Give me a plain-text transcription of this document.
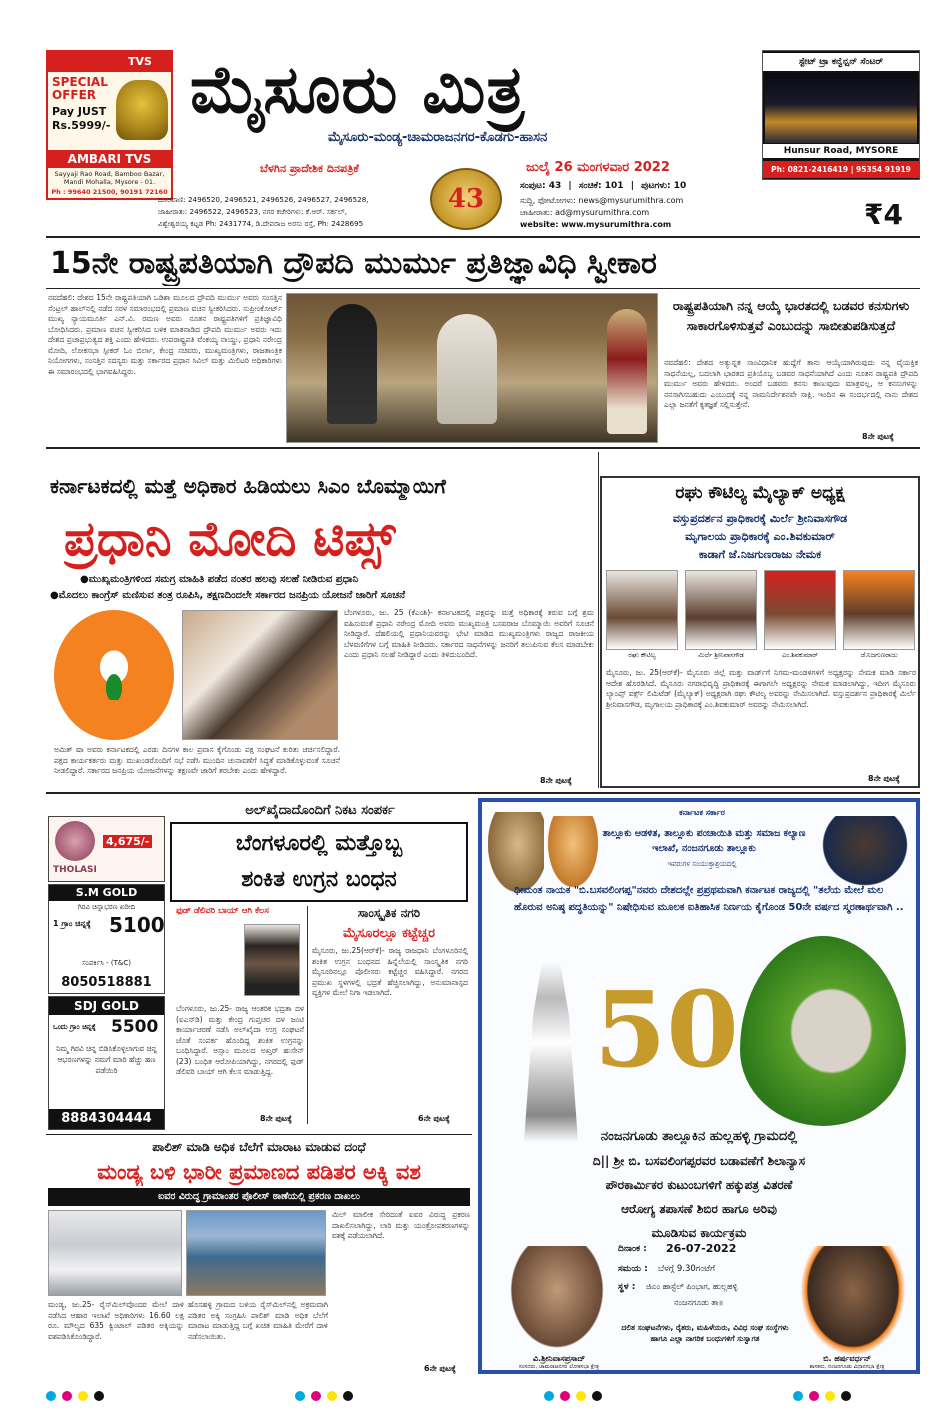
TVS
SPECIAL OFFER
Pay JUST
Rs.5999/-
AMBARI TVS
Sayyaji Rao Road, Bamboo Bazar, Mandi Mohalla, Mysore - 01.
Ph : 99640 21500, 90191 72160
ಮೈಸೂರು ಮಿತ್ರ
ಮೈಸೂರು-ಮಂಡ್ಯ-ಚಾಮರಾಜನಗರ-ಕೊಡಗು-ಹಾಸನ
ಬೆಳಗಿನ ಪ್ರಾದೇಶಿಕ ದಿನಪತ್ರಿಕೆ	ಜುಲೈ 26 ಮಂಗಳವಾರ 2022
43	ಸಂಪುಟ: 43 | ಸಂಚಿಕೆ: 101 | ಪುಟಗಳು: 10
ಸುದ್ದಿ, ಫೋಟೋಗಳು: news@mysurumithra.com
ಜಾಹೀರಾತು: ad@mysurumithra.com
website: www.mysurumithra.com
ದೂರವಾಣಿ: 2496520, 2496521, 2496526, 2496527, 2496528,
ಜಾಹೀರಾತು: 2496522, 2496523, ನಗರ ಕಚೇರಿಗಳು: ಕೆ.ಆರ್. ಸರ್ಕಲ್,
ವಿಶ್ವೇಶ್ವರಯ್ಯ ಕಟ್ಟಡ Ph: 2431774, ಡಿ.ದೇವರಾಜ ಅರಸು ರಸ್ತೆ, Ph: 2428695
ಸ್ಟೇಟ್ ಟ್ರಾ ಕನ್ವೆನ್ಷನ್ ಸೆಂಟರ್
Hunsur Road, MYSORE
Ph: 0821-2416419 | 95354 91919
₹4
15ನೇ ರಾಷ್ಟ್ರಪತಿಯಾಗಿ ದ್ರೌಪದಿ ಮುರ್ಮು ಪ್ರತಿಜ್ಞಾವಿಧಿ ಸ್ವೀಕಾರ
ನವದೆಹಲಿ: ದೇಶದ 15ನೇ ರಾಷ್ಟ್ರಪತಿಯಾಗಿ ಒಡಿಶಾ ಮೂಲದ ದ್ರೌಪದಿ ಮುರ್ಮು ಅವರು ಸಂಸತ್ತಿನ ಸೆಂಟ್ರಲ್ ಹಾಲ್‌ನಲ್ಲಿ ನಡೆದ ಸರಳ ಸಮಾರಂಭದಲ್ಲಿ ಪ್ರಮಾಣ ವಚನ ಸ್ವೀಕರಿಸಿದರು. ಸುಪ್ರೀಂಕೋರ್ಟ್ ಮುಖ್ಯ ನ್ಯಾಯಮೂರ್ತಿ ಎನ್.ವಿ. ರಮಣ ಅವರು ನೂತನ ರಾಷ್ಟ್ರಪತಿಗಳಿಗೆ ಪ್ರತಿಜ್ಞಾವಿಧಿ ಬೋಧಿಸಿದರು. ಪ್ರಮಾಣ ವಚನ ಸ್ವೀಕರಿಸಿದ ಬಳಿಕ ಮಾತನಾಡಿದ ದ್ರೌಪದಿ ಮುರ್ಮು ಅವರು ಇದು ದೇಶದ ಪ್ರಜಾಪ್ರಭುತ್ವದ ಶಕ್ತಿ ಎಂದು ಹೇಳಿದರು. ಉಪರಾಷ್ಟ್ರಪತಿ ವೆಂಕಯ್ಯ ನಾಯ್ಡು, ಪ್ರಧಾನಿ ನರೇಂದ್ರ ಮೋದಿ, ಲೋಕಸಭಾ ಸ್ಪೀಕರ್ ಓಂ ಬಿರ್ಲಾ, ಕೇಂದ್ರ ಸಚಿವರು, ಮುಖ್ಯಮಂತ್ರಿಗಳು, ರಾಜತಾಂತ್ರಿಕ ನಿಯೋಗಗಳು, ಸಂಸತ್ತಿನ ಸದಸ್ಯರು ಮತ್ತು ಸರ್ಕಾರದ ಪ್ರಧಾನ ಸಿವಿಲ್ ಮತ್ತು ಮಿಲಿಟರಿ ಅಧಿಕಾರಿಗಳು ಈ ಸಮಾರಂಭದಲ್ಲಿ ಭಾಗವಹಿಸಿದ್ದರು.
ರಾಷ್ಟ್ರಪತಿಯಾಗಿ ನನ್ನ ಆಯ್ಕೆ ಭಾರತದಲ್ಲಿ ಬಡವರ ಕನಸುಗಳು ಸಾಕಾರಗೊಳಿಸುತ್ತವೆ ಎಂಬುದನ್ನು ಸಾಬೀತುಪಡಿಸುತ್ತದೆ
ನವದೆಹಲಿ: ದೇಶದ ಅತ್ಯುನ್ನತ ಸಾಂವಿಧಾನಿಕ ಹುದ್ದೆಗೆ ತಾನು ಆಯ್ಕೆಯಾಗಿರುವುದು ನನ್ನ ವೈಯಕ್ತಿಕ ಸಾಧನೆಯಲ್ಲ, ಬದಲಾಗಿ ಭಾರತದ ಪ್ರತಿಯೊಬ್ಬ ಬಡವರ ಸಾಧನೆಯಾಗಿದೆ ಎಂದು ನೂತನ ರಾಷ್ಟ್ರಪತಿ ದ್ರೌಪದಿ ಮುರ್ಮು ಅವರು ಹೇಳಿದರು. ಅಂದರೆ ಬಡವರು ಕನಸು ಕಾಣುವುದು ಮಾತ್ರವಲ್ಲ, ಆ ಕನಸುಗಳನ್ನು ನನಸಾಗಿಸಬಹುದು ಎಂಬುದಕ್ಕೆ ನನ್ನ ನಾಮನಿರ್ದೇಶನವೇ ಸಾಕ್ಷಿ. ಇಂದಿನ ಈ ಸಂದರ್ಭದಲ್ಲಿ ನಾನು ದೇಶದ ಎಲ್ಲಾ ಜನತೆಗೆ ಕೃತಜ್ಞತೆ ಸಲ್ಲಿಸುತ್ತೇನೆ.
8ನೇ ಪುಟಕ್ಕೆ
ಕರ್ನಾಟಕದಲ್ಲಿ ಮತ್ತೆ ಅಧಿಕಾರ ಹಿಡಿಯಲು ಸಿಎಂ ಬೊಮ್ಮಾಯಿಗೆ
ಪ್ರಧಾನಿ ಮೋದಿ ಟಿಪ್ಸ್
●ಮುಖ್ಯಮಂತ್ರಿಗಳಿಂದ ಸಮಗ್ರ ಮಾಹಿತಿ ಪಡೆದ ನಂತರ ಹಲವು ಸಲಹೆ ನೀಡಿರುವ ಪ್ರಧಾನಿ
●ಮೊದಲು ಕಾಂಗ್ರೆಸ್ ಮಣಿಸುವ ತಂತ್ರ ರೂಪಿಸಿ, ತಕ್ಷಣದಿಂದಲೇ ಸರ್ಕಾರದ ಜನಪ್ರಿಯ ಯೋಜನೆ ಜಾರಿಗೆ ಸೂಚನೆ
ಬೆಂಗಳೂರು, ಜು. 25 (ಕೆಎಂಶಿ)- ಕರ್ನಾಟಕದಲ್ಲಿ ಪಕ್ಷವನ್ನು ಮತ್ತೆ ಅಧಿಕಾರಕ್ಕೆ ತರುವ ಬಗ್ಗೆ ಶ್ರಮ ವಹಿಸುವಂತೆ ಪ್ರಧಾನಿ ನರೇಂದ್ರ ಮೋದಿ ಅವರು ಮುಖ್ಯಮಂತ್ರಿ ಬಸವರಾಜ ಬೊಮ್ಮಾಯಿ ಅವರಿಗೆ ಸೂಚನೆ ನೀಡಿದ್ದಾರೆ. ದೆಹಲಿಯಲ್ಲಿ ಪ್ರಧಾನಿಯವರನ್ನು ಭೇಟಿ ಮಾಡಿದ ಮುಖ್ಯಮಂತ್ರಿಗಳು ರಾಜ್ಯದ ರಾಜಕೀಯ ಬೆಳವಣಿಗೆಗಳ ಬಗ್ಗೆ ಮಾಹಿತಿ ನೀಡಿದರು. ಸರ್ಕಾರದ ಸಾಧನೆಗಳನ್ನು ಜನರಿಗೆ ತಲುಪಿಸುವ ಕೆಲಸ ಮಾಡಬೇಕು ಎಂದು ಪ್ರಧಾನಿ ಸಲಹೆ ನೀಡಿದ್ದಾರೆ ಎಂದು ತಿಳಿದುಬಂದಿದೆ.
ಅಮಿತ್ ಷಾ ಅವರು ಕರ್ನಾಟಕದಲ್ಲಿ ಎರಡು ದಿನಗಳ ಕಾಲ ಪ್ರವಾಸ ಕೈಗೊಂಡು ಪಕ್ಷ ಸಂಘಟನೆ ಕುರಿತು ಚರ್ಚಿಸಲಿದ್ದಾರೆ. ಪಕ್ಷದ ಕಾರ್ಯಕರ್ತರು ಮತ್ತು ಮುಖಂಡರೊಂದಿಗೆ ಸಭೆ ನಡೆಸಿ ಮುಂದಿನ ಚುನಾವಣೆಗೆ ಸಿದ್ಧತೆ ಮಾಡಿಕೊಳ್ಳುವಂತೆ ಸೂಚನೆ ನೀಡಲಿದ್ದಾರೆ. ಸರ್ಕಾರದ ಜನಪ್ರಿಯ ಯೋಜನೆಗಳನ್ನು ತಕ್ಷಣವೇ ಜಾರಿಗೆ ತರಬೇಕು ಎಂದು ಹೇಳಿದ್ದಾರೆ.
8ನೇ ಪುಟಕ್ಕೆ
ರಘು ಕೌಟಿಲ್ಯ ಮೈಲ್ಯಾಕ್ ಅಧ್ಯಕ್ಷ
ವಸ್ತುಪ್ರದರ್ಶನ ಪ್ರಾಧಿಕಾರಕ್ಕೆ ಮಿರ್ಲೆ ಶ್ರೀನಿವಾಸಗೌಡ
ಮೃಗಾಲಯ ಪ್ರಾಧಿಕಾರಕ್ಕೆ ಎಂ.ಶಿವಕುಮಾರ್
ಕಾಡಾಗೆ ಜೆ.ನಿಜಗುಣರಾಜು ನೇಮಕ
ರಘು ಕೌಟಿಲ್ಯ	ಮಿರ್ಲೆ ಶ್ರೀನಿವಾಸಗೌಡ	ಎಂ.ಶಿವಕುಮಾರ್	ಜೆ.ನಿಜಗುಣರಾಜು
ಮೈಸೂರು, ಜು. 25(ಆರ್‌ಕೆ)- ಮೈಸೂರು ಜಿಲ್ಲೆ ಮತ್ತು ವಾರ್ಡ್‌ಗೆ ನಿಗಮ-ಮಂಡಳಿಗಳಿಗೆ ಅಧ್ಯಕ್ಷರನ್ನು ನೇಮಕ ಮಾಡಿ ಸರ್ಕಾರ ಆದೇಶ ಹೊರಡಿಸಿದೆ. ಮೈಸೂರು ನಗರಾಭಿವೃದ್ಧಿ ಪ್ರಾಧಿಕಾರಕ್ಕೆ ಈಗಾಗಲೇ ಅಧ್ಯಕ್ಷರನ್ನು ನೇಮಕ ಮಾಡಲಾಗಿದ್ದು, ಇದೀಗ ಮೈಸೂರು ಲ್ಯಾಂಪ್ಸ್ ವರ್ಕ್ಸ್ ಲಿಮಿಟೆಡ್ (ಮೈಲ್ಯಾಕ್) ಅಧ್ಯಕ್ಷರಾಗಿ ರಘು ಕೌಟಿಲ್ಯ ಅವರನ್ನು ನೇಮಿಸಲಾಗಿದೆ. ವಸ್ತುಪ್ರದರ್ಶನ ಪ್ರಾಧಿಕಾರಕ್ಕೆ ಮಿರ್ಲೆ ಶ್ರೀನಿವಾಸಗೌಡ, ಮೃಗಾಲಯ ಪ್ರಾಧಿಕಾರಕ್ಕೆ ಎಂ.ಶಿವಕುಮಾರ್ ಅವರನ್ನು ನೇಮಿಸಲಾಗಿದೆ.
8ನೇ ಪುಟಕ್ಕೆ
THOLASI
4,675/-
S.M GOLD
ಗಿರವಿ ಚಿನ್ನಾಭರಣ ಖರೀದಿ
1 ಗ್ರಾಂ ಚಿನ್ನಕ್ಕೆ 5100
ಸಂಪರ್ಕಿಸಿ - (T&C)
8050518881
SDJ GOLD
ಒಂದು ಗ್ರಾಂ ಚಿನ್ನಕ್ಕೆ 5500
ನಿಮ್ಮ ಗಿರವಿ ಚಿನ್ನ ಬಿಡಿಸಿಕೊಳ್ಳಲಾಗುವ ಚಿನ್ನ ಆಭರಣಗಳನ್ನು ನಮಗೆ ಮಾರಿ ಹೆಚ್ಚು ಹಣ ಪಡೆಯಿರಿ
8884304444
ಅಲ್‌ಖೈದಾದೊಂದಿಗೆ ನಿಕಟ ಸಂಪರ್ಕ
ಬೆಂಗಳೂರಲ್ಲಿ ಮತ್ತೊಬ್ಬ
ಶಂಕಿತ ಉಗ್ರನ ಬಂಧನ
ಫುಡ್ ಡೆಲಿವರಿ ಬಾಯ್ ಆಗಿ ಕೆಲಸ
ಬೆಂಗಳೂರು, ಜು.25- ರಾಜ್ಯ ಆಂತರಿಕ ಭದ್ರತಾ ದಳ (ಐಎಸ್‌ಡಿ) ಮತ್ತು ಕೇಂದ್ರ ಗುಪ್ತಚರ ದಳ ಜಂಟಿ ಕಾರ್ಯಾಚರಣೆ ನಡೆಸಿ ಅಲ್‌ಖೈದಾ ಉಗ್ರ ಸಂಘಟನೆ ಜೊತೆ ಸಂಪರ್ಕ ಹೊಂದಿದ್ದ ಶಂಕಿತ ಉಗ್ರನನ್ನು ಬಂಧಿಸಿದ್ದಾರೆ. ಅಸ್ಸಾಂ ಮೂಲದ ಅಖ್ತರ್ ಹುಸೇನ್ (23) ಬಂಧಿತ ಆರೋಪಿಯಾಗಿದ್ದು, ನಗರದಲ್ಲಿ ಫುಡ್ ಡೆಲಿವರಿ ಬಾಯ್ ಆಗಿ ಕೆಲಸ ಮಾಡುತ್ತಿದ್ದ.
8ನೇ ಪುಟಕ್ಕೆ
ಸಾಂಸ್ಕೃತಿಕ ನಗರಿ
ಮೈಸೂರಲ್ಲೂ ಕಟ್ಟೆಚ್ಚರ
ಮೈಸೂರು, ಜು.25(ಆರ್‌ಕೆ)- ರಾಜ್ಯ ರಾಜಧಾನಿ ಬೆಂಗಳೂರಿನಲ್ಲಿ ಶಂಕಿತ ಉಗ್ರನ ಬಂಧನದ ಹಿನ್ನೆಲೆಯಲ್ಲಿ ಸಾಂಸ್ಕೃತಿಕ ನಗರಿ ಮೈಸೂರಿನಲ್ಲೂ ಪೊಲೀಸರು ಕಟ್ಟೆಚ್ಚರ ವಹಿಸಿದ್ದಾರೆ. ನಗರದ ಪ್ರಮುಖ ಸ್ಥಳಗಳಲ್ಲಿ ಭದ್ರತೆ ಹೆಚ್ಚಿಸಲಾಗಿದ್ದು, ಅನುಮಾನಾಸ್ಪದ ವ್ಯಕ್ತಿಗಳ ಮೇಲೆ ನಿಗಾ ಇಡಲಾಗಿದೆ.
6ನೇ ಪುಟಕ್ಕೆ
ಪಾಲಿಶ್ ಮಾಡಿ ಅಧಿಕ ಬೆಲೆಗೆ ಮಾರಾಟ ಮಾಡುವ ದಂಧೆ
ಮಂಡ್ಯ ಬಳಿ ಭಾರೀ ಪ್ರಮಾಣದ ಪಡಿತರ ಅಕ್ಕಿ ವಶ
ಐವರ ವಿರುದ್ಧ ಗ್ರಾಮಾಂತರ ಪೊಲೀಸ್ ಠಾಣೆಯಲ್ಲಿ ಪ್ರಕರಣ ದಾಖಲು
ಮಂಡ್ಯ, ಜು.25- ರೈಸ್‌ಮಿಲ್‌ವೊಂದರ ಮೇಲೆ ದಾಳಿ ನಡೆಸಿದ ಆಹಾರ ಇಲಾಖೆ ಅಧಿಕಾರಿಗಳು 16.60 ಲಕ್ಷ ರೂ. ಮೌಲ್ಯದ 635 ಕ್ವಿಂಟಾಲ್ ಪಡಿತರ ಅಕ್ಕಿಯನ್ನು ವಶಪಡಿಸಿಕೊಂಡಿದ್ದಾರೆ.
ಹೊಸಹಳ್ಳಿ ಗ್ರಾಮದ ಬಳಿಯ ರೈಸ್‌ಮಿಲ್‌ನಲ್ಲಿ ಅಕ್ರಮವಾಗಿ ಪಡಿತರ ಅಕ್ಕಿ ಸಂಗ್ರಹಿಸಿ ಪಾಲಿಶ್ ಮಾಡಿ ಅಧಿಕ ಬೆಲೆಗೆ ಮಾರಾಟ ಮಾಡುತ್ತಿದ್ದ ಬಗ್ಗೆ ಖಚಿತ ಮಾಹಿತಿ ಮೇರೆಗೆ ದಾಳಿ ನಡೆಸಲಾಯಿತು.
ಮಿಲ್ ಮಾಲೀಕ ಸೇರಿದಂತೆ ಐವರ ವಿರುದ್ಧ ಪ್ರಕರಣ ದಾಖಲಿಸಲಾಗಿದ್ದು, ಲಾರಿ ಮತ್ತು ಯಂತ್ರೋಪಕರಣಗಳನ್ನು ವಶಕ್ಕೆ ಪಡೆಯಲಾಗಿದೆ.
6ನೇ ಪುಟಕ್ಕೆ
ಕರ್ನಾಟಕ ಸರ್ಕಾರ
ತಾಲ್ಲೂಕು ಆಡಳಿತ, ತಾಲ್ಲೂಕು ಪಂಚಾಯಿತಿ ಮತ್ತು ಸಮಾಜ ಕಲ್ಯಾಣ ಇಲಾಖೆ, ನಂಜನಗೂಡು ತಾಲ್ಲೂಕು
ಇವರುಗಳ ಸಂಯುಕ್ತಾಶ್ರಯದಲ್ಲಿ
ಧೀಮಂತ ನಾಯಕ "ಬಿ.ಬಸವಲಿಂಗಪ್ಪ"ನವರು ದೇಶದಲ್ಲೇ ಪ್ರಪ್ರಥಮವಾಗಿ ಕರ್ನಾಟಕ ರಾಜ್ಯದಲ್ಲಿ "ತಲೆಯ ಮೇಲೆ ಮಲ ಹೊರುವ ಅನಿಷ್ಠ ಪದ್ಧತಿಯನ್ನು" ನಿಷೇಧಿಸುವ ಮೂಲಕ ಐತಿಹಾಸಿಕ ನಿರ್ಣಯ ಕೈಗೊಂಡ 50ನೇ ವರ್ಷದ ಸ್ಮರಣಾರ್ಥವಾಗಿ ..
50
ನಂಜನಗೂಡು ತಾಲ್ಲೂಕಿನ ಹುಲ್ಲಹಳ್ಳಿ ಗ್ರಾಮದಲ್ಲಿ
ದಿ|| ಶ್ರೀ ಬಿ. ಬಸವಲಿಂಗಪ್ಪರವರ ಬಡಾವಣೆಗೆ ಶಿಲಾನ್ಯಾಸ
ಪೌರಕಾರ್ಮಿಕರ ಕುಟುಂಬಗಳಿಗೆ ಹಕ್ಕುಪತ್ರ ವಿತರಣೆ
ಆರೋಗ್ಯ ತಪಾಸಣೆ ಶಿಬಿರ ಹಾಗೂ ಅರಿವು
ಮೂಡಿಸುವ ಕಾರ್ಯಕ್ರಮ
ದಿನಾಂಕ : 26-07-2022
ಸಮಯ : ಬೆಳಗ್ಗೆ 9.30ಗಂಟೆಗೆ
ಸ್ಥಳ : ಜಿಎಂ ಹಾಸ್ಟೆಲ್ ಪಿಂಭಾಗ, ಹುಲ್ಲಹಳ್ಳಿ
ನಂಜನಗೂಡು ತಾ॥
ದಲಿತ ಸಂಘಟನೆಗಳು, ರೈತರು, ಮಹಿಳೆಯರು, ವಿವಿಧ ಸಂಘ ಸಂಸ್ಥೆಗಳು ಹಾಗೂ ಎಲ್ಲಾ ನಾಗರಿಕ ಬಂಧುಗಳಿಗೆ ಸುಸ್ವಾಗತ
ವಿ.ಶ್ರೀನಿವಾಸಪ್ರಸಾದ್
ಸಂಸದರು, ಚಾಮರಾಜನಗರ ಲೋಕಸಭಾ ಕ್ಷೇತ್ರ
ಬಿ. ಹರ್ಷವರ್ಧನ್
ಶಾಸಕರು, ನಂಜನಗೂಡು ವಿಧಾನಸಭಾ ಕ್ಷೇತ್ರ
